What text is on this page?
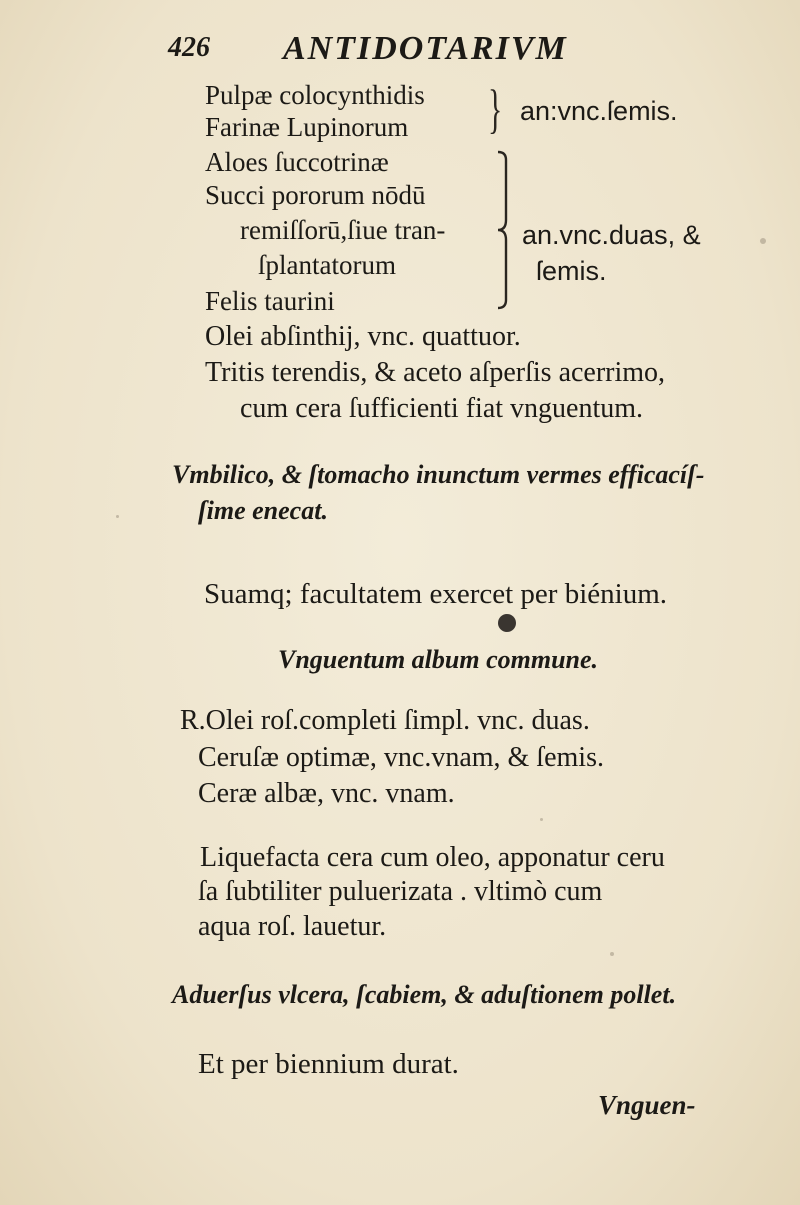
426 ANTIDOTARIVM
Pulpæ colocynthidis
Farinæ Lupinorum } an:vnc.ſemis.
Aloes ſuccotrinæ
Succi pororum nōdū
remiſſorū,ſiue tran-
ſplantatorum
Felis taurini
an.vnc.duas, &
ſemis.
Olei abſinthij, vnc. quattuor.
Tritis terendis, & aceto aſperſis acerrimo,
cum cera ſufficienti fiat vnguentum.
Vmbilico, & ſtomacho inunctum vermes efficacíſ-
ſime enecat.
Suamq; facultatem exercet per biénium.
Vnguentum album commune.
R.Olei roſ.completi ſimpl. vnc. duas.
Ceruſæ optimæ, vnc.vnam, & ſemis.
Ceræ albæ, vnc. vnam.
Liquefacta cera cum oleo, apponatur ceru
ſa ſubtiliter puluerizata . vltimò cum
aqua roſ. lauetur.
Aduerſus vlcera, ſcabiem, & aduſtionem pollet.
Et per biennium durat.
Vnguen-
